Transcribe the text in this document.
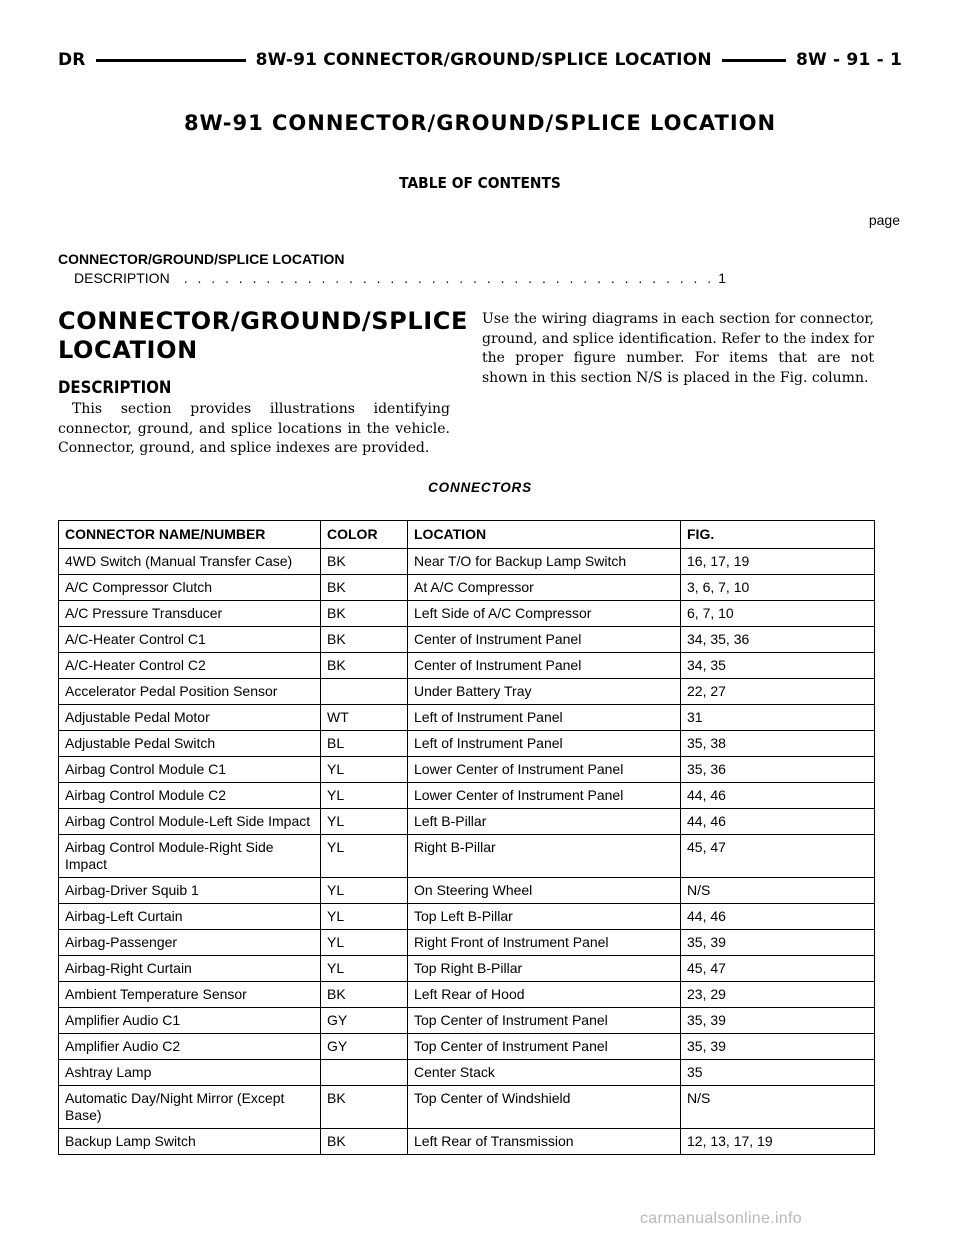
DR	8W-91 CONNECTOR/GROUND/SPLICE LOCATION	8W - 91 - 1
8W-91 CONNECTOR/GROUND/SPLICE LOCATION
TABLE OF CONTENTS
page
CONNECTOR/GROUND/SPLICE LOCATION
DESCRIPTION . . . . . . . . . . . . . . . . . . . . . . . . . . . . . . . . . . . . . . . 1
CONNECTOR/GROUND/SPLICE LOCATION
DESCRIPTION
This section provides illustrations identifying connector, ground, and splice locations in the vehicle. Connector, ground, and splice indexes are provided.
Use the wiring diagrams in each section for connector, ground, and splice identification. Refer to the index for the proper figure number. For items that are not shown in this section N/S is placed in the Fig. column.
CONNECTORS
CONNECTOR NAME/NUMBER	COLOR	LOCATION	FIG.
4WD Switch (Manual Transfer Case)	BK	Near T/O for Backup Lamp Switch	16, 17, 19
A/C Compressor Clutch	BK	At A/C Compressor	3, 6, 7, 10
A/C Pressure Transducer	BK	Left Side of A/C Compressor	6, 7, 10
A/C-Heater Control C1	BK	Center of Instrument Panel	34, 35, 36
A/C-Heater Control C2	BK	Center of Instrument Panel	34, 35
Accelerator Pedal Position Sensor		Under Battery Tray	22, 27
Adjustable Pedal Motor	WT	Left of Instrument Panel	31
Adjustable Pedal Switch	BL	Left of Instrument Panel	35, 38
Airbag Control Module C1	YL	Lower Center of Instrument Panel	35, 36
Airbag Control Module C2	YL	Lower Center of Instrument Panel	44, 46
Airbag Control Module-Left Side Impact	YL	Left B-Pillar	44, 46
Airbag Control Module-Right Side Impact	YL	Right B-Pillar	45, 47
Airbag-Driver Squib 1	YL	On Steering Wheel	N/S
Airbag-Left Curtain	YL	Top Left B-Pillar	44, 46
Airbag-Passenger	YL	Right Front of Instrument Panel	35, 39
Airbag-Right Curtain	YL	Top Right B-Pillar	45, 47
Ambient Temperature Sensor	BK	Left Rear of Hood	23, 29
Amplifier Audio C1	GY	Top Center of Instrument Panel	35, 39
Amplifier Audio C2	GY	Top Center of Instrument Panel	35, 39
Ashtray Lamp		Center Stack	35
Automatic Day/Night Mirror (Except Base)	BK	Top Center of Windshield	N/S
Backup Lamp Switch	BK	Left Rear of Transmission	12, 13, 17, 19
carmanualsonline.info
